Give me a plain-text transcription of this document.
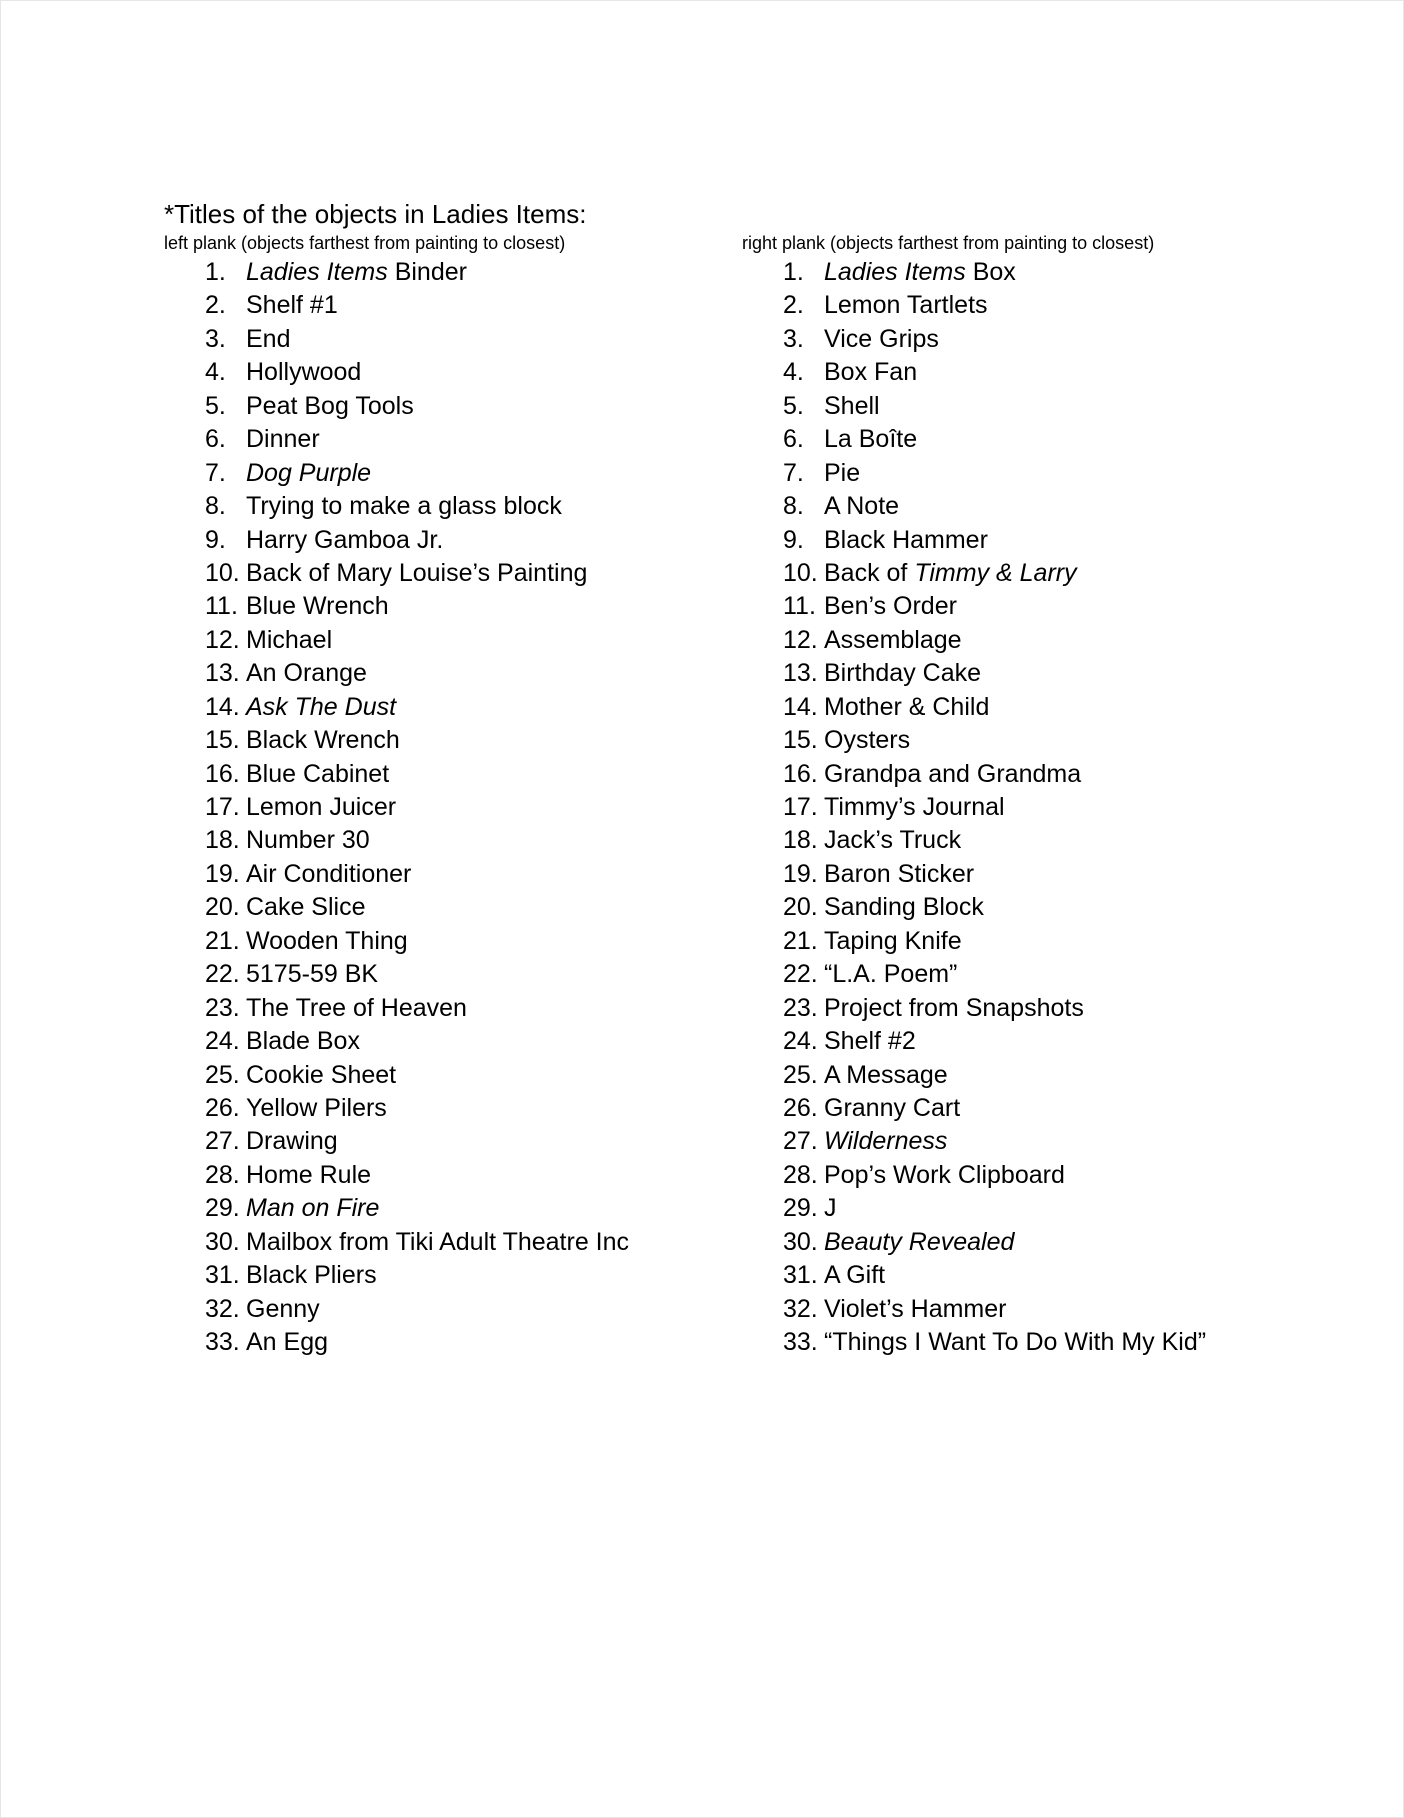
*Titles of the objects in Ladies Items:
left plank (objects farthest from painting to closest)
1. Ladies Items Binder
2. Shelf #1
3. End
4. Hollywood
5. Peat Bog Tools
6. Dinner
7. Dog Purple
8. Trying to make a glass block
9. Harry Gamboa Jr.
10. Back of Mary Louise’s Painting
11. Blue Wrench
12. Michael
13. An Orange
14. Ask The Dust
15. Black Wrench
16. Blue Cabinet
17. Lemon Juicer
18. Number 30
19. Air Conditioner
20. Cake Slice
21. Wooden Thing
22. 5175-59 BK
23. The Tree of Heaven
24. Blade Box
25. Cookie Sheet
26. Yellow Pilers
27. Drawing
28. Home Rule
29. Man on Fire
30. Mailbox from Tiki Adult Theatre Inc
31. Black Pliers
32. Genny
33. An Egg
right plank (objects farthest from painting to closest)
1. Ladies Items Box
2. Lemon Tartlets
3. Vice Grips
4. Box Fan
5. Shell
6. La Boîte
7. Pie
8. A Note
9. Black Hammer
10. Back of Timmy & Larry
11. Ben’s Order
12. Assemblage
13. Birthday Cake
14. Mother & Child
15. Oysters
16. Grandpa and Grandma
17. Timmy’s Journal
18. Jack’s Truck
19. Baron Sticker
20. Sanding Block
21. Taping Knife
22. “L.A. Poem”
23. Project from Snapshots
24. Shelf #2
25. A Message
26. Granny Cart
27. Wilderness
28. Pop’s Work Clipboard
29. J
30. Beauty Revealed
31. A Gift
32. Violet’s Hammer
33. “Things I Want To Do With My Kid”
